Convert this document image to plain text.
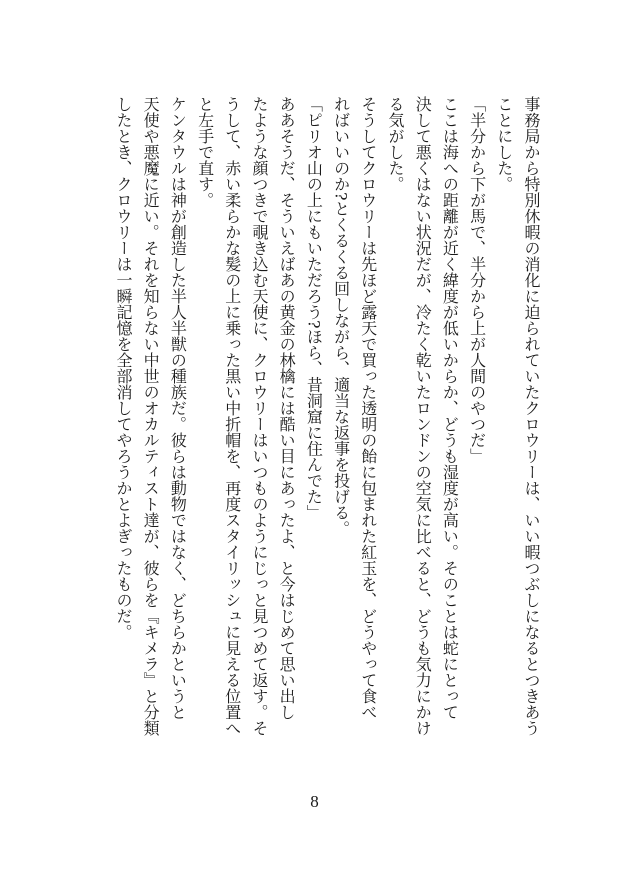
事務局から特別休暇の消化に迫られていたクロウリーは、いい暇つぶしになるとつきあう
ことにした。
「半分から下が馬で、半分から上が人間のやつだ」
ここは海への距離が近く緯度が低いからか、どうも湿度が高い。そのことは蛇にとって
決して悪くはない状況だが、冷たく乾いたロンドンの空気に比べると、どうも気力にかけ
る気がした。
そうしてクロウリーは先ほど露天で買った透明の飴に包まれた紅玉を、どうやって食べ
ればいいのか?とくるくる回しながら、適当な返事を投げる。
「ピリオ山の上にもいただろう?ほら、昔洞窟に住んでた」
ああそうだ、そういえばあの黄金の林檎には酷い目にあったよ、と今はじめて思い出し
たような顔つきで覗き込む天使に、クロウリーはいつものようにじっと見つめて返す。そ
うして、赤い柔らかな髪の上に乗った黒い中折帽を、再度スタイリッシュに見える位置へ
と左手で直す。
ケンタウルは神が創造した半人半獣の種族だ。彼らは動物ではなく、どちらかというと
天使や悪魔に近い。それを知らない中世のオカルティスト達が、彼らを『キメラ』と分類
したとき、クロウリーは一瞬記憶を全部消してやろうかとよぎったものだ。
8
